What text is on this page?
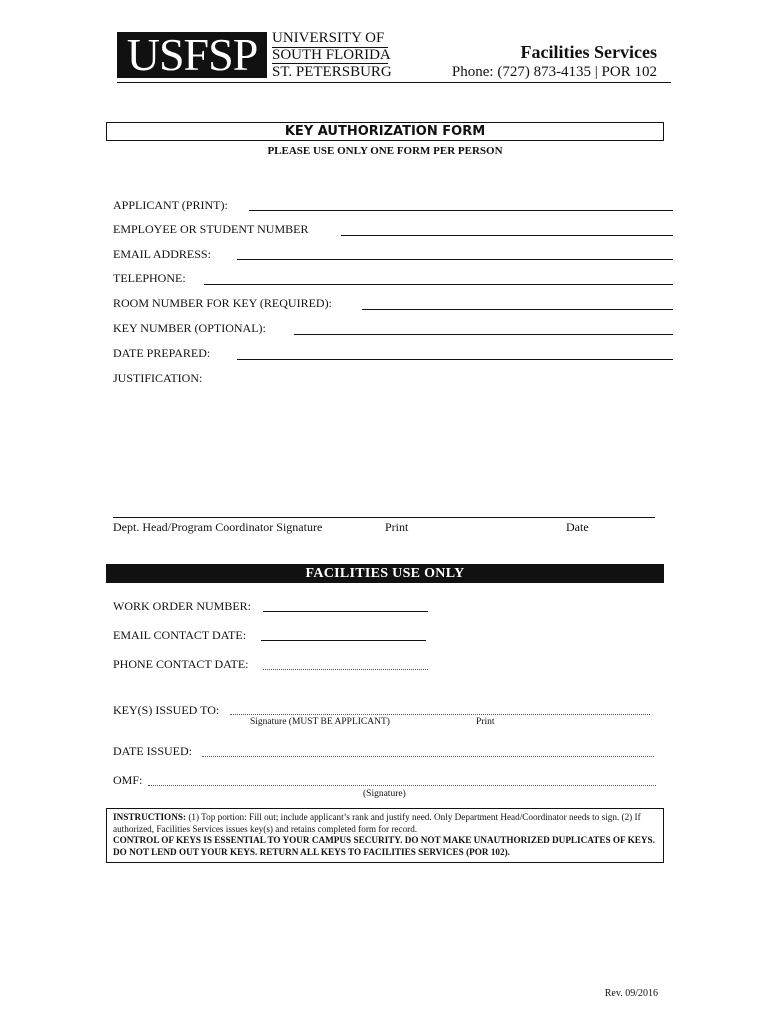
USFSP UNIVERSITY OF
SOUTH FLORIDA
ST. PETERSBURG
Facilities Services
Phone: (727) 873-4135 | POR 102
KEY AUTHORIZATION FORM
PLEASE USE ONLY ONE FORM PER PERSON
APPLICANT (PRINT):
EMPLOYEE OR STUDENT NUMBER
EMAIL ADDRESS:
TELEPHONE:
ROOM NUMBER FOR KEY (REQUIRED):
KEY NUMBER (OPTIONAL):
DATE PREPARED:
JUSTIFICATION:
Dept. Head/Program Coordinator Signature	Print	Date
FACILITIES USE ONLY
WORK ORDER NUMBER:
EMAIL CONTACT DATE:
PHONE CONTACT DATE:
KEY(S) ISSUED TO:
Signature (MUST BE APPLICANT)	Print
DATE ISSUED:
OMF:
(Signature)
INSTRUCTIONS: (1) Top portion: Fill out; include applicant’s rank and justify need. Only Department Head/Coordinator needs to sign. (2) If authorized, Facilities Services issues key(s) and retains completed form for record.
CONTROL OF KEYS IS ESSENTIAL TO YOUR CAMPUS SECURITY. DO NOT MAKE UNAUTHORIZED DUPLICATES OF KEYS. DO NOT LEND OUT YOUR KEYS. RETURN ALL KEYS TO FACILITIES SERVICES (POR 102).
Rev. 09/2016
